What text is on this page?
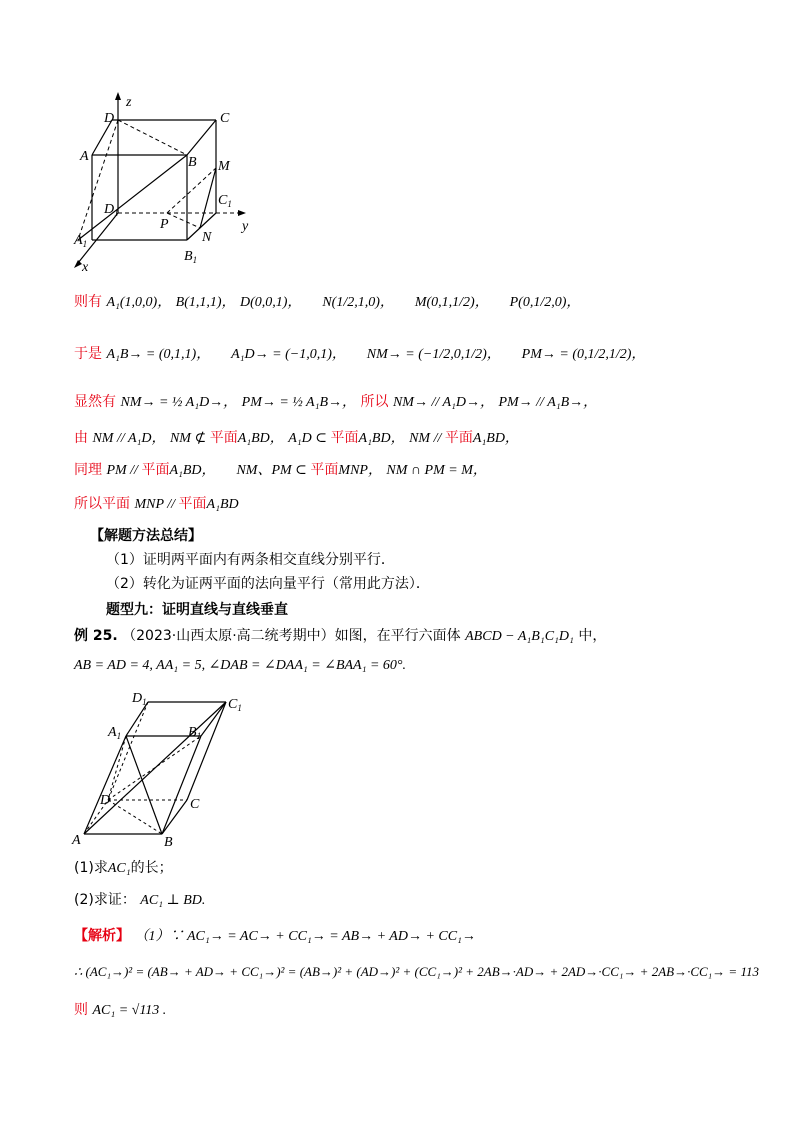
z
D	C
A	B M
$D_1$
$C_1$
P	y
$A_1$	N
$B_1$
x
则有 A₁(1,0,0)， B(1,1,1)， D(0,0,1)， N(1/2,1,0)， M(0,1,1/2)， P(0,1/2,0)，
于是 A₁B→ = (0,1,1)， A₁D→ = (−1,0,1)， NM→ = (−1/2,0,1/2)， PM→ = (0,1/2,1/2)，
显然有 NM→ = ½ A₁D→， PM→ = ½ A₁B→， 所以 NM→ // A₁D→， PM→ // A₁B→，
由 NM // A₁D， NM ⊄ 平面A₁BD， A₁D ⊂ 平面A₁BD， NM // 平面A₁BD，
同理 PM // 平面A₁BD， NM、PM ⊂ 平面MNP， NM ∩ PM = M，
所以平面 MNP // 平面A₁BD
【解题方法总结】
（1）证明两平面内有两条相交直线分别平行．
（2）转化为证两平面的法向量平行（常用此方法）．
题型九：证明直线与直线垂直
例 25. （2023·山西太原·高二统考期中）如图，在平行六面体 ABCD − A₁B₁C₁D₁ 中，
AB = AD = 4, AA₁ = 5, ∠DAB = ∠DAA₁ = ∠BAA₁ = 60°.
$D_1$	$C_1$
$A_1$	$B_1$
D	C
A	B
(1)求AC₁的长；
(2)求证： AC₁ ⊥ BD.
【解析】 （1）∵ AC₁→ = AC→ + CC₁→ = AB→ + AD→ + CC₁→
∴ (AC₁→)² = (AB→ + AD→ + CC₁→)² = (AB→)² + (AD→)² + (CC₁→)² + 2AB→·AD→ + 2AD→·CC₁→ + 2AB→·CC₁→ = 113
则 AC₁ = √113 .
